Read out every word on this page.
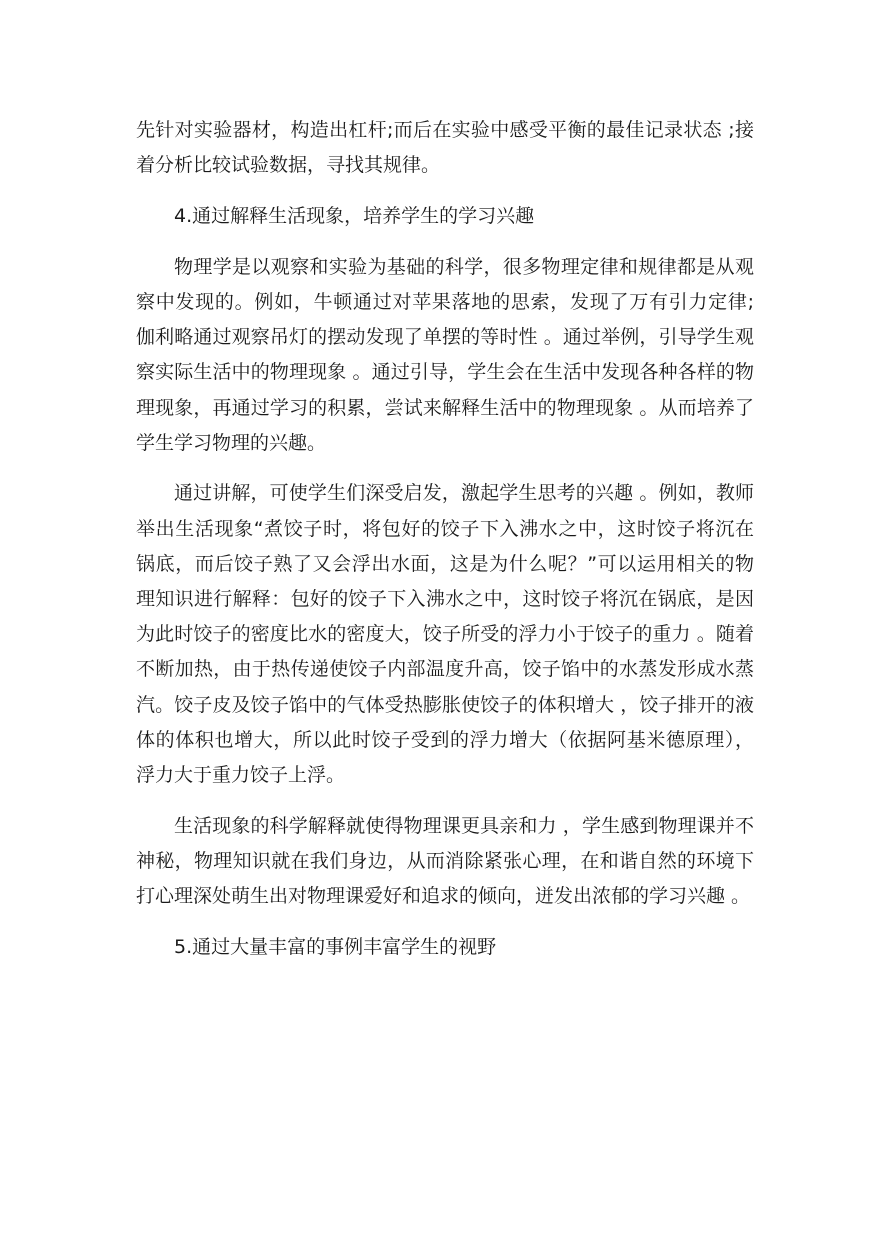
先针对实验器材，构造出杠杆;而后在实验中感受平衡的最佳记录状态 ;接
着分析比较试验数据，寻找其规律。
4.通过解释生活现象，培养学生的学习兴趣
物理学是以观察和实验为基础的科学，很多物理定律和规律都是从观
察中发现的。例如，牛顿通过对苹果落地的思索，发现了万有引力定律;
伽利略通过观察吊灯的摆动发现了单摆的等时性 。通过举例，引导学生观
察实际生活中的物理现象 。通过引导，学生会在生活中发现各种各样的物
理现象，再通过学习的积累，尝试来解释生活中的物理现象 。从而培养了
学生学习物理的兴趣。
通过讲解，可使学生们深受启发，激起学生思考的兴趣 。例如，教师
举出生活现象“煮饺子时，将包好的饺子下入沸水之中，这时饺子将沉在
锅底，而后饺子熟了又会浮出水面，这是为什么呢？”可以运用相关的物
理知识进行解释：包好的饺子下入沸水之中，这时饺子将沉在锅底，是因
为此时饺子的密度比水的密度大，饺子所受的浮力小于饺子的重力 。随着
不断加热，由于热传递使饺子内部温度升高，饺子馅中的水蒸发形成水蒸
汽。饺子皮及饺子馅中的气体受热膨胀使饺子的体积增大 ，饺子排开的液
体的体积也增大，所以此时饺子受到的浮力增大（依据阿基米德原理），
浮力大于重力饺子上浮。
生活现象的科学解释就使得物理课更具亲和力 ，学生感到物理课并不
神秘，物理知识就在我们身边，从而消除紧张心理，在和谐自然的环境下
打心理深处萌生出对物理课爱好和追求的倾向，迸发出浓郁的学习兴趣 。
5.通过大量丰富的事例丰富学生的视野
